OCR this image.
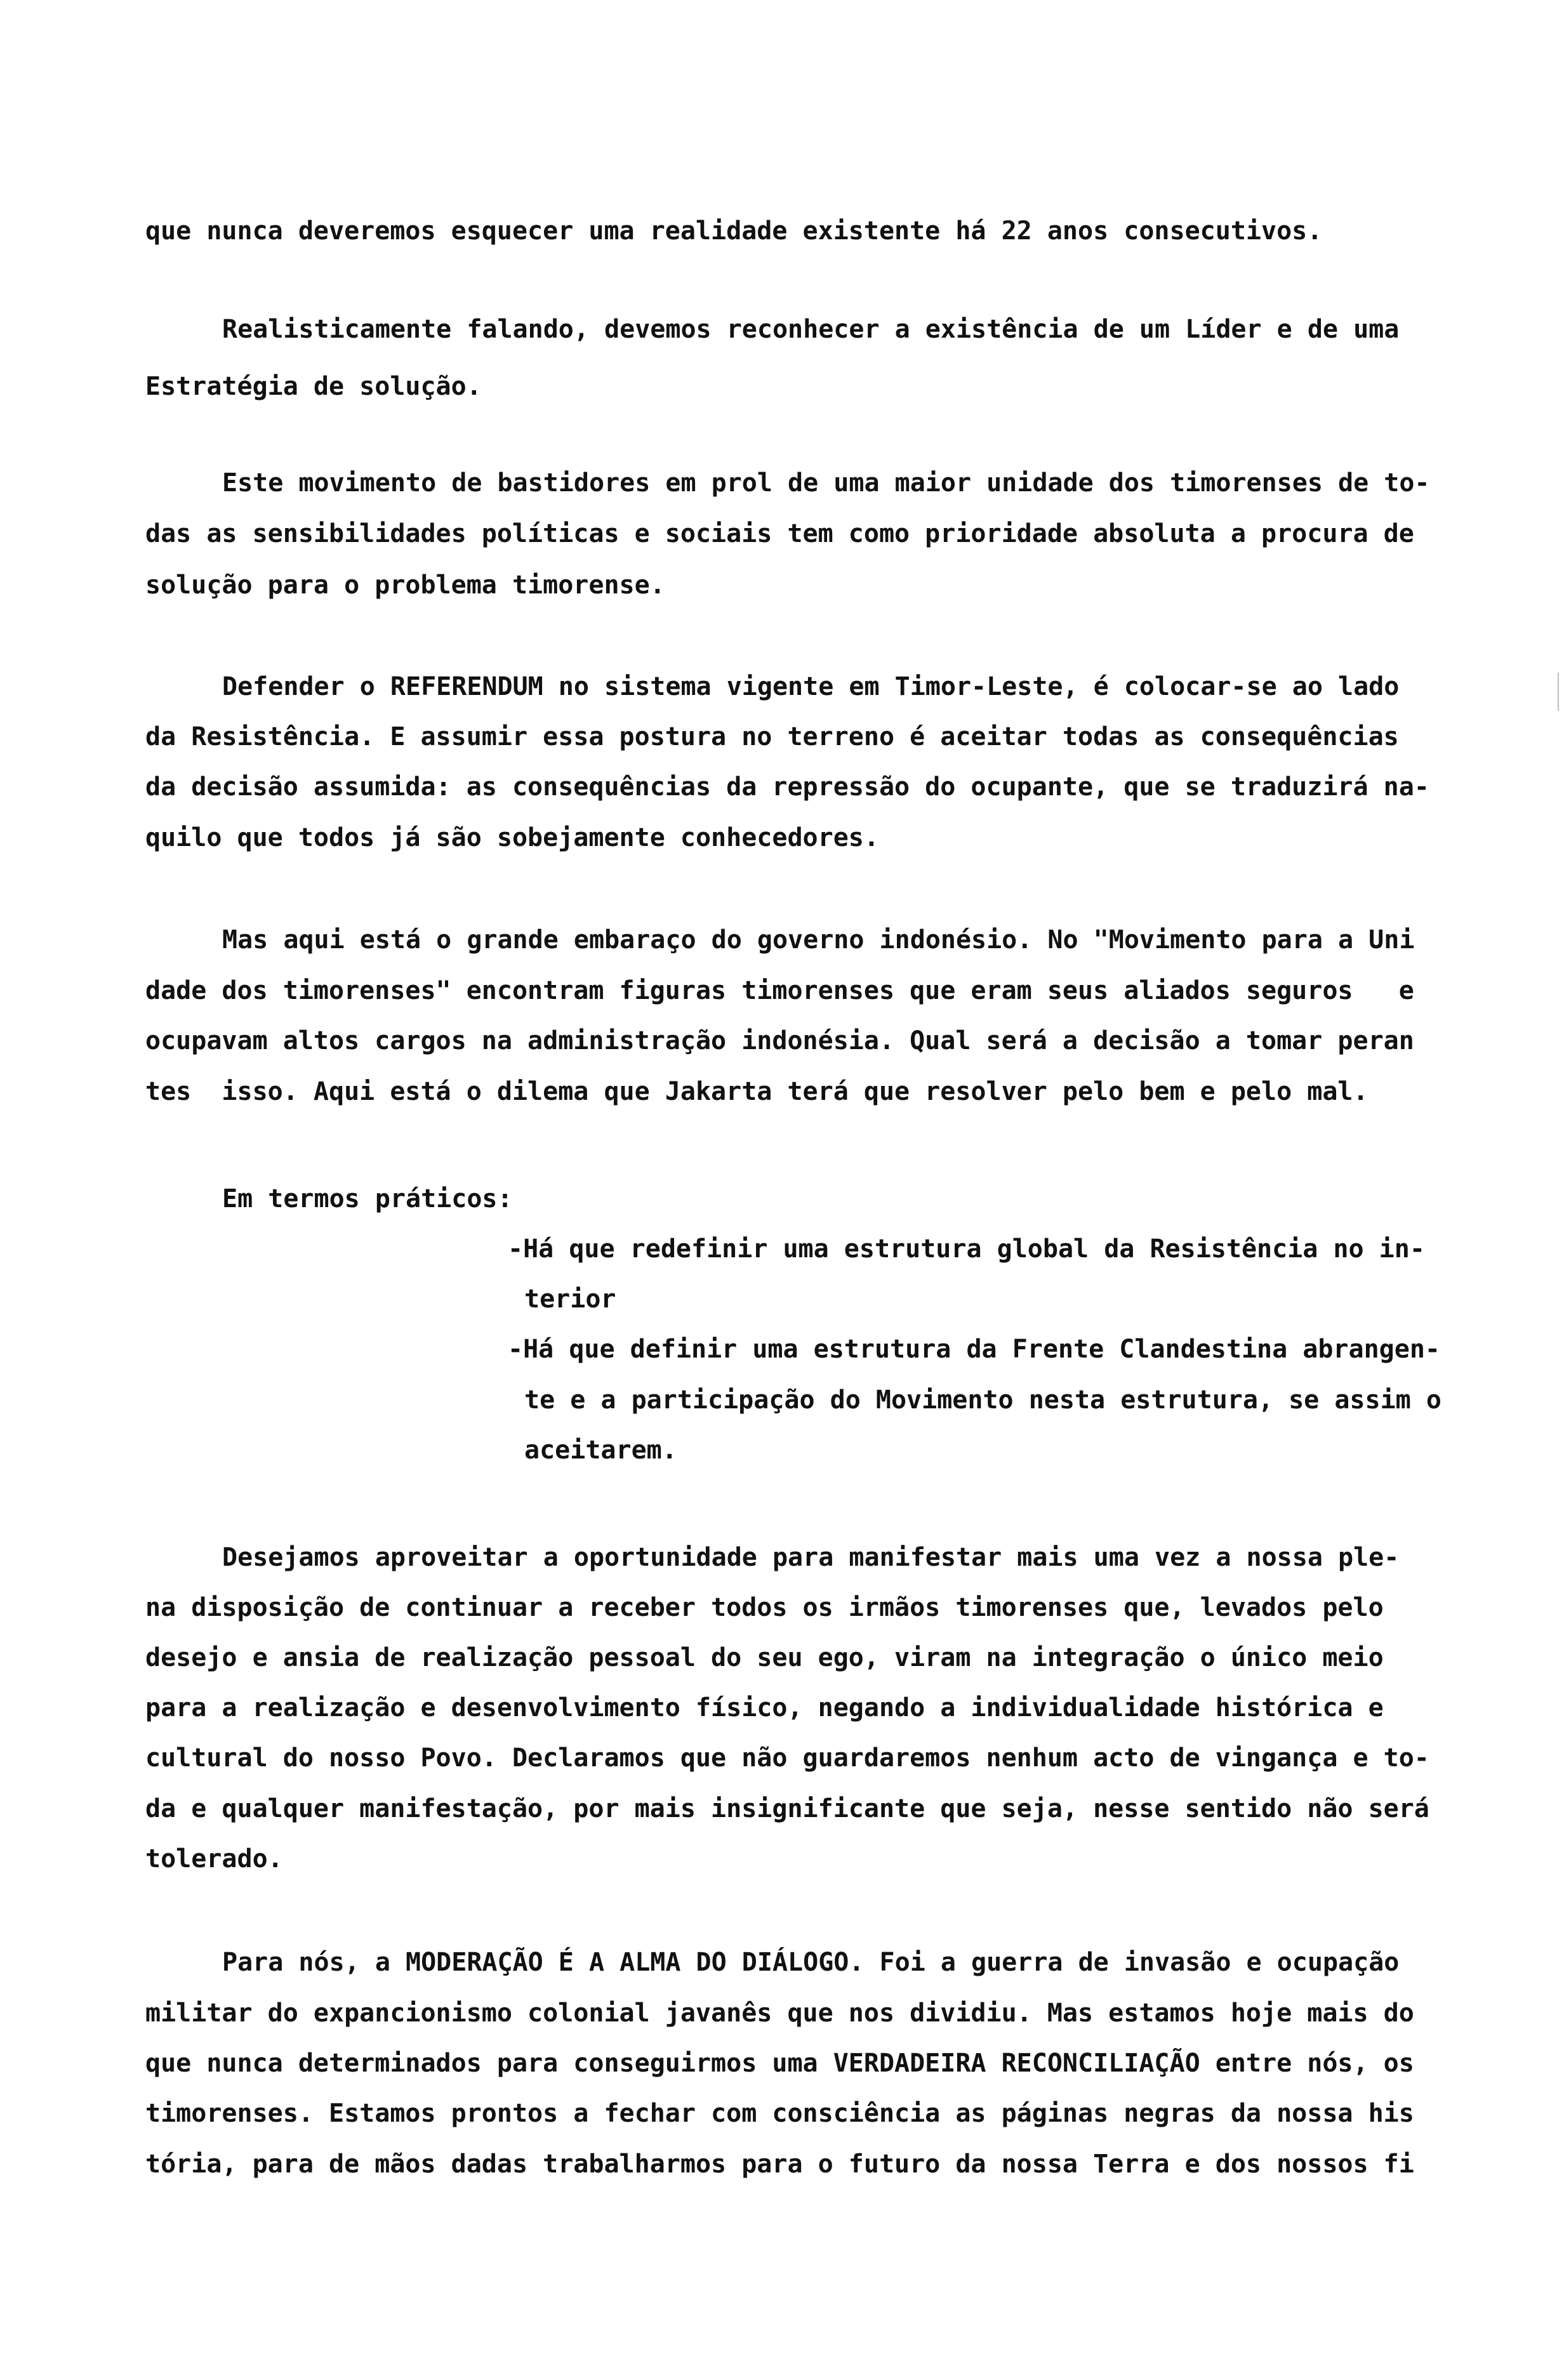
que nunca deveremos esquecer uma realidade existente há 22 anos consecutivos.

Realisticamente falando, devemos reconhecer a existência de um Líder e de uma

Estratégia de solução.

Este movimento de bastidores em prol de uma maior unidade dos timorenses de to-

das as sensibilidades políticas e sociais tem como prioridade absoluta a procura de

solução para o problema timorense.

Defender o REFERENDUM no sistema vigente em Timor-Leste, é colocar-se ao lado

da Resistência. E assumir essa postura no terreno é aceitar todas as consequências

da decisão assumida: as consequências da repressão do ocupante, que se traduzirá na-

quilo que todos já são sobejamente conhecedores.

Mas aqui está o grande embaraço do governo indonésio. No "Movimento para a Uni

dade dos timorenses" encontram figuras timorenses que eram seus aliados seguros   e

ocupavam altos cargos na administração indonésia. Qual será a decisão a tomar peran

tes  isso. Aqui está o dilema que Jakarta terá que resolver pelo bem e pelo mal.

Em termos práticos:

-Há que redefinir uma estrutura global da Resistência no in-

terior

-Há que definir uma estrutura da Frente Clandestina abrangen-

te e a participação do Movimento nesta estrutura, se assim o

aceitarem.

Desejamos aproveitar a oportunidade para manifestar mais uma vez a nossa ple-

na disposição de continuar a receber todos os irmãos timorenses que, levados pelo

desejo e ansia de realização pessoal do seu ego, viram na integração o único meio

para a realização e desenvolvimento físico, negando a individualidade histórica e

cultural do nosso Povo. Declaramos que não guardaremos nenhum acto de vingança e to-

da e qualquer manifestação, por mais insignificante que seja, nesse sentido não será

tolerado.

Para nós, a MODERAÇÃO É A ALMA DO DIÁLOGO. Foi a guerra de invasão e ocupação

militar do expancionismo colonial javanês que nos dividiu. Mas estamos hoje mais do

que nunca determinados para conseguirmos uma VERDADEIRA RECONCILIAÇÃO entre nós, os

timorenses. Estamos prontos a fechar com consciência as páginas negras da nossa his

tória, para de mãos dadas trabalharmos para o futuro da nossa Terra e dos nossos fi
